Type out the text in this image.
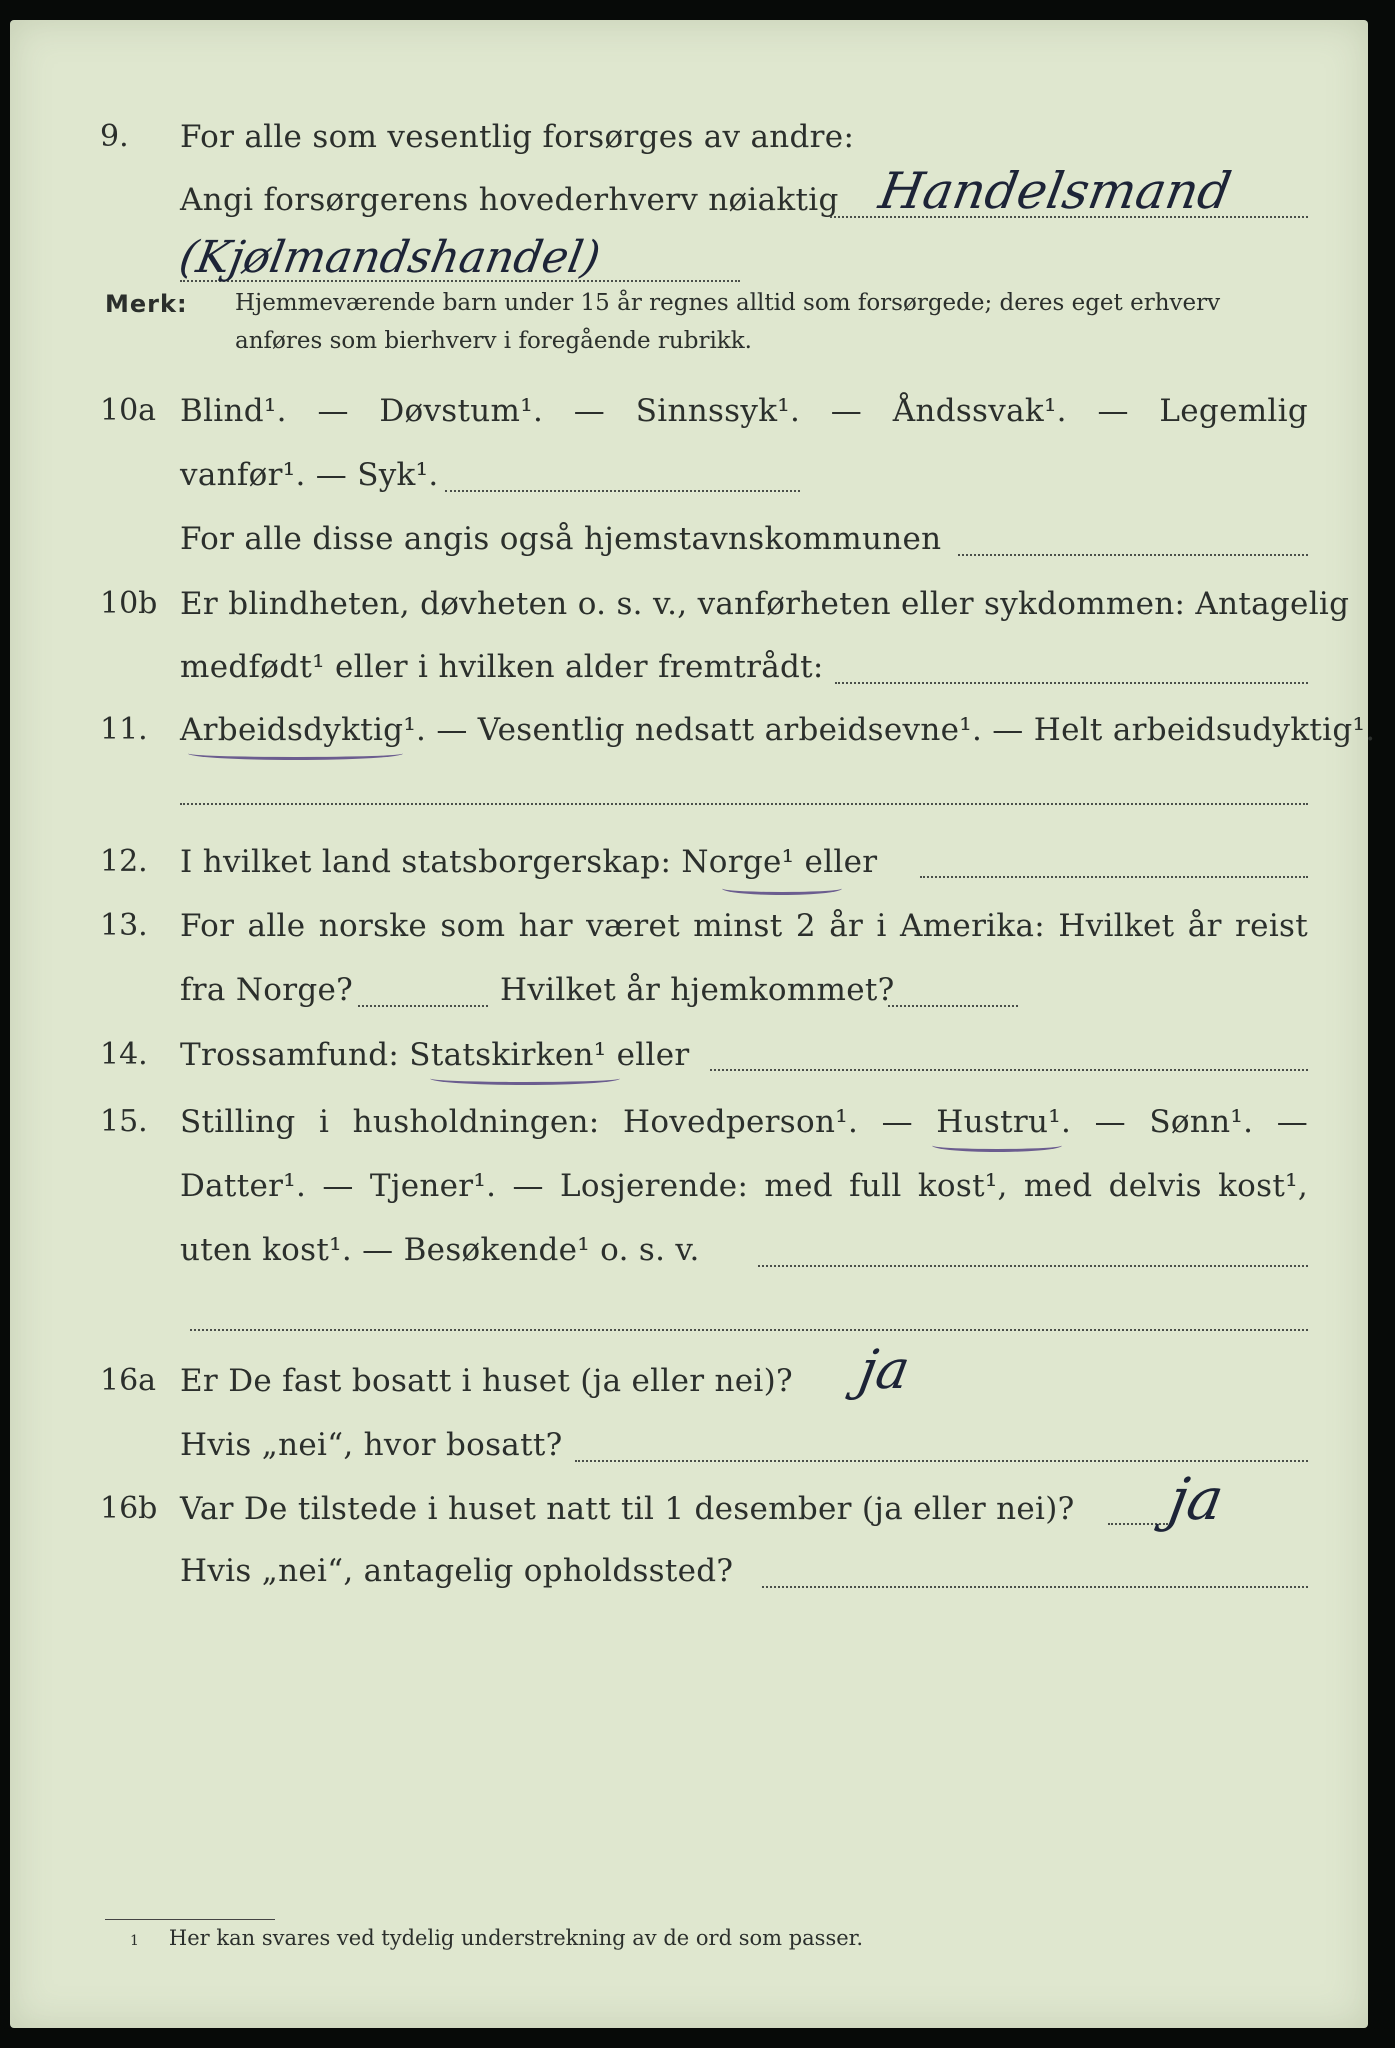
9.	For alle som vesentlig forsørges av andre:
Angi forsørgerens hovederhverv nøiaktig Handelsmand
(Kjølmandshandel)
Merk: Hjemmeværende barn under 15 år regnes alltid som forsørgede; deres eget erhverv anføres som bierhverv i foregående rubrikk.
10a Blind¹. — Døvstum¹. — Sinnssyk¹. — Åndssvak¹. — Legemlig
vanfør¹. — Syk¹.
For alle disse angis også hjemstavnskommunen
10b Er blindheten, døvheten o. s. v., vanførheten eller sykdommen: Antagelig
medfødt¹ eller i hvilken alder fremtrådt:
11.	Arbeidsdyktig¹. — Vesentlig nedsatt arbeidsevne¹. — Helt arbeidsudyktig¹.
12.	I hvilket land statsborgerskap: Norge¹ eller
13.	For alle norske som har været minst 2 år i Amerika: Hvilket år reist
fra Norge?	Hvilket år hjemkommet?
14.	Trossamfund: Statskirken¹ eller
15.	Stilling i husholdningen: Hovedperson¹. — Hustru¹. — Sønn¹. —
Datter¹. — Tjener¹. — Losjerende: med full kost¹, med delvis kost¹,
uten kost¹. — Besøkende¹ o. s. v.
16a Er De fast bosatt i huset (ja eller nei)? ja
Hvis „nei“, hvor bosatt?
16b Var De tilstede i huset natt til 1 desember (ja eller nei)? ja
Hvis „nei“, antagelig opholdssted?
1 Her kan svares ved tydelig understrekning av de ord som passer.
